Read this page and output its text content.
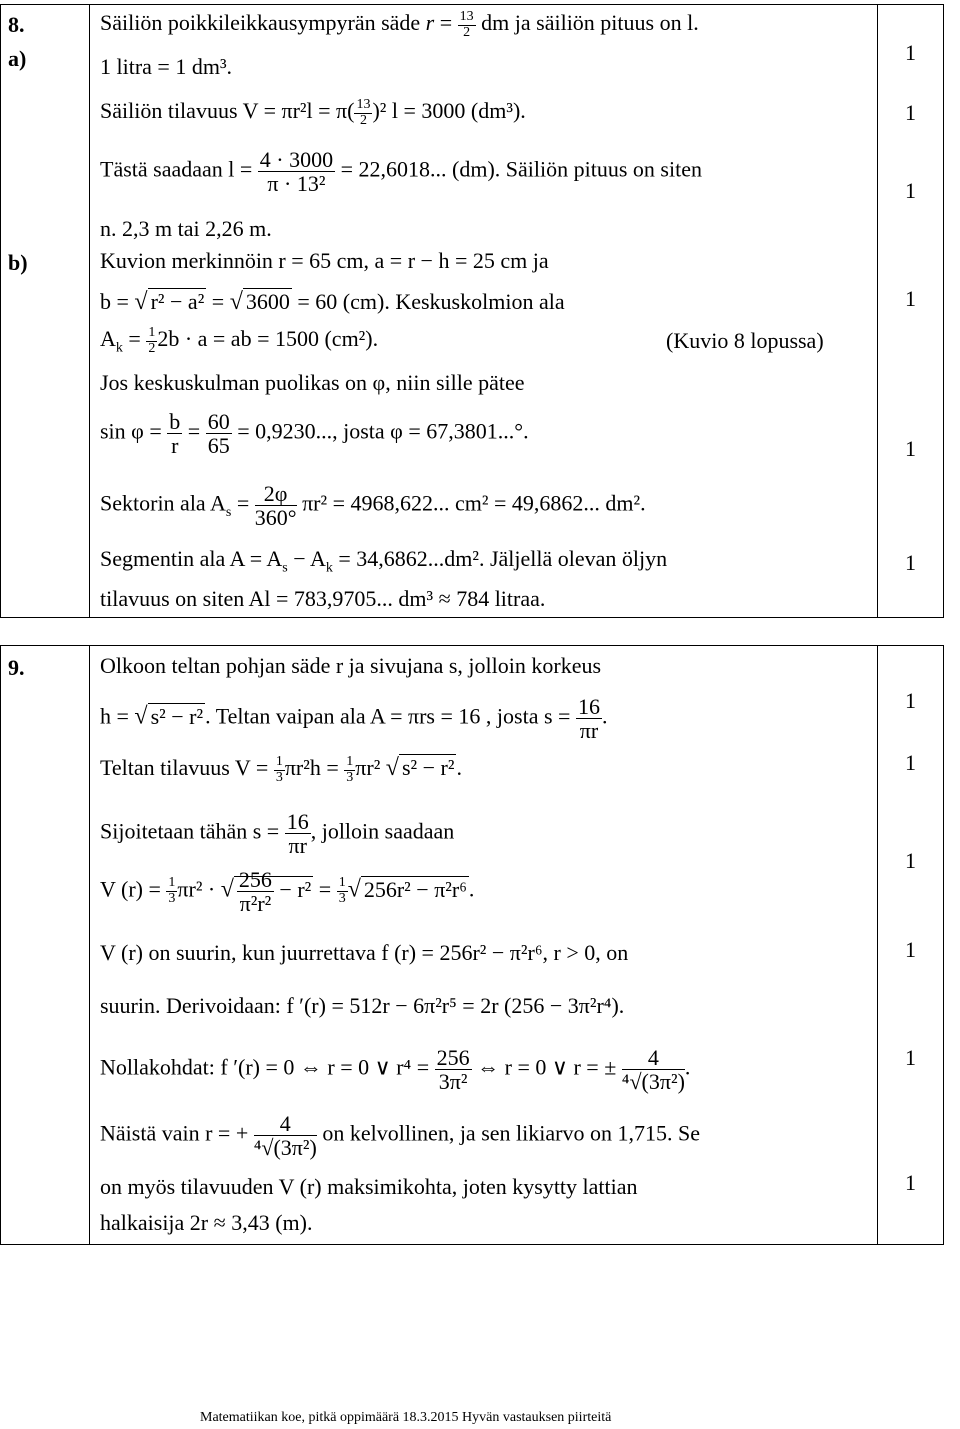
8.
a)
b)
Säiliön poikkileikkausympyrän säde $r = \frac{13}{2}$ dm ja säiliön pituus on l.
1 litra = 1 dm³.
Säiliön tilavuus $V = \pi r^2l = \pi( \frac{13}{2} )^2$ l = 3000 (dm³).
Tästä saadaan $l = \frac{4 \cdot 3000}{\text{π · 13²}} = 22,6018$... (dm). Säiliön pituus on siten
n. 2,3 m tai 2,26 m.
Kuvion merkinnöin r = 65 cm, a = r − h = 25 cm ja
b = √ r² − a² = √ 3600 = 60 (cm). Keskuskolmion ala
$A_k = \frac{1}{2} 2b \cdot a$ = ab = 1500 (cm²).	(Kuvio 8 lopussa)
Jos keskuskulman puolikas on φ, niin sille pätee
$\sin \varphi = \frac{b}{r} = \frac{60}{65} = 0,9230$..., josta φ = 67,3801...°.
Sektorin ala $A_s = \frac{2\varphi}{360^\circ} \pi r^2 = 4968,622$... cm² = 49,6862... dm².
Segmentin ala $A = A_s - A_k = 34,6862...dm^2$. Jäljellä olevan öljyn
tilavuus on siten Al = 783,9705... dm³ ≈ 784 litraa.
1
1
1
1
1
1
9.	Olkoon teltan pohjan säde r ja sivujana s, jolloin korkeus
h = √ s² − r². Teltan vaipan ala A = πrs = 16 , josta $s = \frac{16}{\pi r}$ .
Teltan tilavuus $V = \frac{1}{3} \pi r^2h = \frac{1}{3} \pi r^2$ √ s² − r².
Sijoitetaan tähän $s = \frac{16}{\pi r}$ , jolloin saadaan
V $(r) = \frac{1}{3} \pi r^2$ · √ $\frac{256}{\text{π²r²}} - r^2 = \frac{1}{3}$ √ 256r² − π²r⁶.
V (r) on suurin, kun juurrettava f (r) = 256r² − π²r⁶, r > 0, on
suurin. Derivoidaan: f ′(r) = 512r − 6π²r⁵ = 2r (256 − 3π²r⁴).
Nollakohdat: f ′(r) = 0 ⇔ r = 0 ∨ $r^4 = \frac{256}{\text{3π²}}$ ⇔ r = 0 ∨ r = ± $\frac{4}{\text{⁴√(3π²)}}$ .
Näistä vain r = + $\frac{4}{\text{⁴√(3π²)}}$ on kelvollinen, ja sen likiarvo on 1,715. Se
on myös tilavuuden V (r) maksimikohta, joten kysytty lattian
halkaisija 2r ≈ 3,43 (m).
1
1
1
1
1
1
Matematiikan koe, pitkä oppimäärä 18.3.2015 Hyvän vastauksen piirteitä
